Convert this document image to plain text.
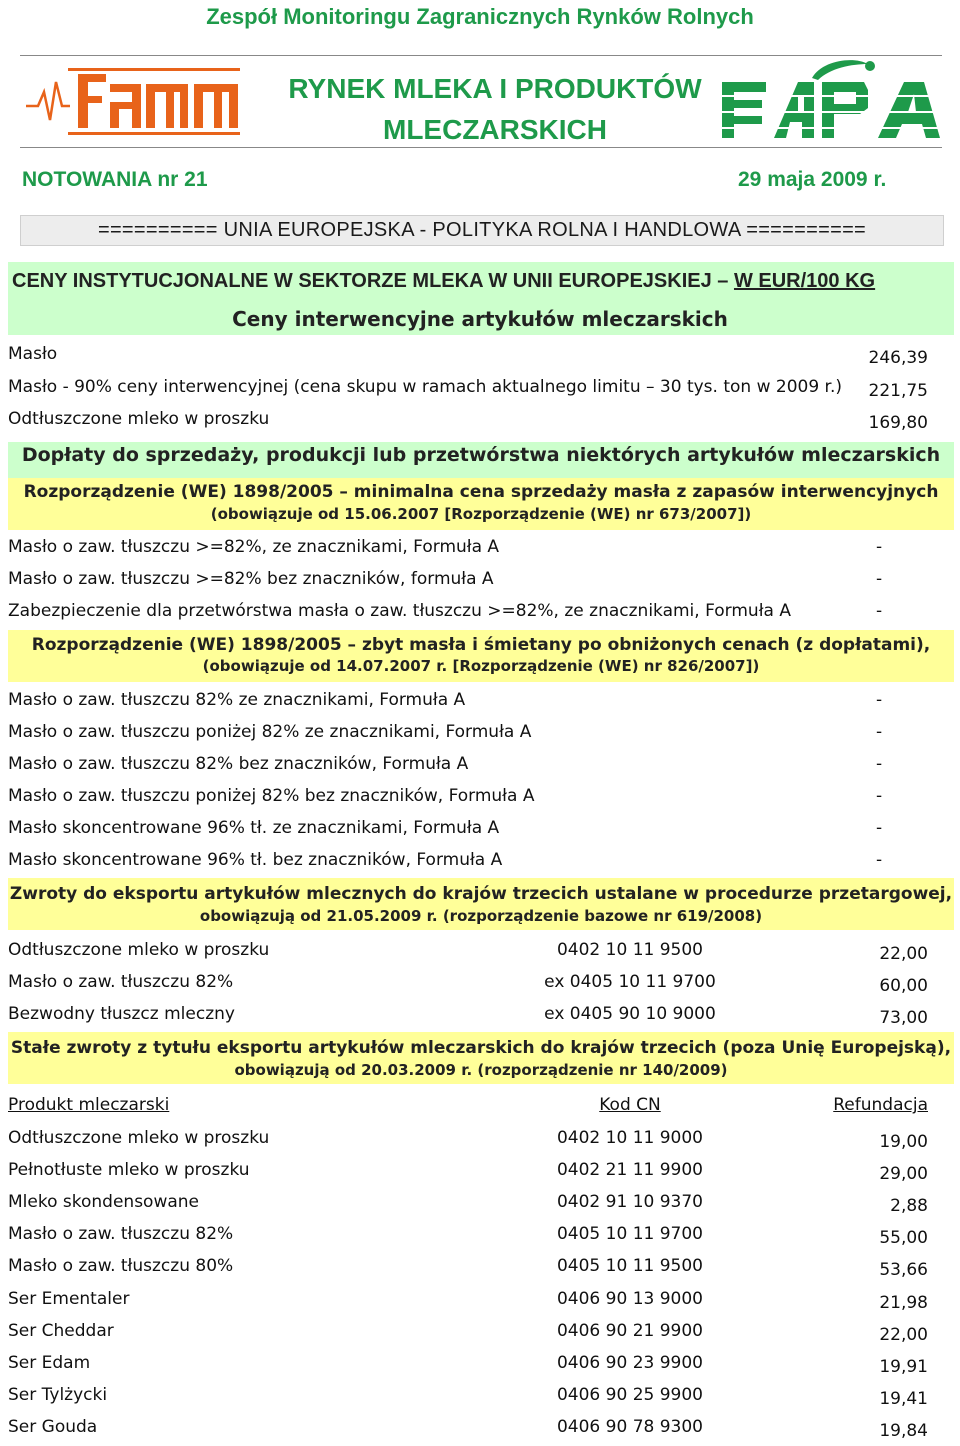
Zespół Monitoringu Zagranicznych Rynków Rolnych
RYNEK MLEKA I PRODUKTÓW
MLECZARSKICH
NOTOWANIA nr 21	29 maja 2009 r.
========== UNIA EUROPEJSKA - POLITYKA ROLNA I HANDLOWA ==========
CENY INSTYTUCJONALNE W SEKTORZE MLEKA W UNII EUROPEJSKIEJ – W EUR/100 KG
Ceny interwencyjne artykułów mleczarskich
Masło	246,39
Masło - 90% ceny interwencyjnej (cena skupu w ramach aktualnego limitu – 30 tys. ton w 2009 r.) 221,75
Odtłuszczone mleko w proszku	169,80
Dopłaty do sprzedaży, produkcji lub przetwórstwa niektórych artykułów mleczarskich
Rozporządzenie (WE) 1898/2005 – minimalna cena sprzedaży masła z zapasów interwencyjnych
(obowiązuje od 15.06.2007 [Rozporządzenie (WE) nr 673/2007])
Masło o zaw. tłuszczu >=82%, ze znacznikami, Formuła A	-
Masło o zaw. tłuszczu >=82% bez znaczników, formuła A	-
Zabezpieczenie dla przetwórstwa masła o zaw. tłuszczu >=82%, ze znacznikami, Formuła A	-
Rozporządzenie (WE) 1898/2005 – zbyt masła i śmietany po obniżonych cenach (z dopłatami),
(obowiązuje od 14.07.2007 r. [Rozporządzenie (WE) nr 826/2007])
Masło o zaw. tłuszczu 82% ze znacznikami, Formuła A	-
Masło o zaw. tłuszczu poniżej 82% ze znacznikami, Formuła A	-
Masło o zaw. tłuszczu 82% bez znaczników, Formuła A	-
Masło o zaw. tłuszczu poniżej 82% bez znaczników, Formuła A	-
Masło skoncentrowane 96% tł. ze znacznikami, Formuła A	-
Masło skoncentrowane 96% tł. bez znaczników, Formuła A	-
Zwroty do eksportu artykułów mlecznych do krajów trzecich ustalane w procedurze przetargowej,
obowiązują od 21.05.2009 r. (rozporządzenie bazowe nr 619/2008)
Odtłuszczone mleko w proszku	0402 10 11 9500	22,00
Masło o zaw. tłuszczu 82%	ex 0405 10 11 9700	60,00
Bezwodny tłuszcz mleczny	ex 0405 90 10 9000	73,00
Stałe zwroty z tytułu eksportu artykułów mleczarskich do krajów trzecich (poza Unię Europejską),
obowiązują od 20.03.2009 r. (rozporządzenie nr 140/2009)
Produkt mleczarski	Kod CN	Refundacja
Odtłuszczone mleko w proszku	0402 10 11 9000	19,00
Pełnotłuste mleko w proszku	0402 21 11 9900	29,00
Mleko skondensowane	0402 91 10 9370	2,88
Masło o zaw. tłuszczu 82%	0405 10 11 9700	55,00
Masło o zaw. tłuszczu 80%	0405 10 11 9500	53,66
Ser Ementaler	0406 90 13 9000	21,98
Ser Cheddar	0406 90 21 9900	22,00
Ser Edam	0406 90 23 9900	19,91
Ser Tylżycki	0406 90 25 9900	19,41
Ser Gouda	0406 90 78 9300	19,84
